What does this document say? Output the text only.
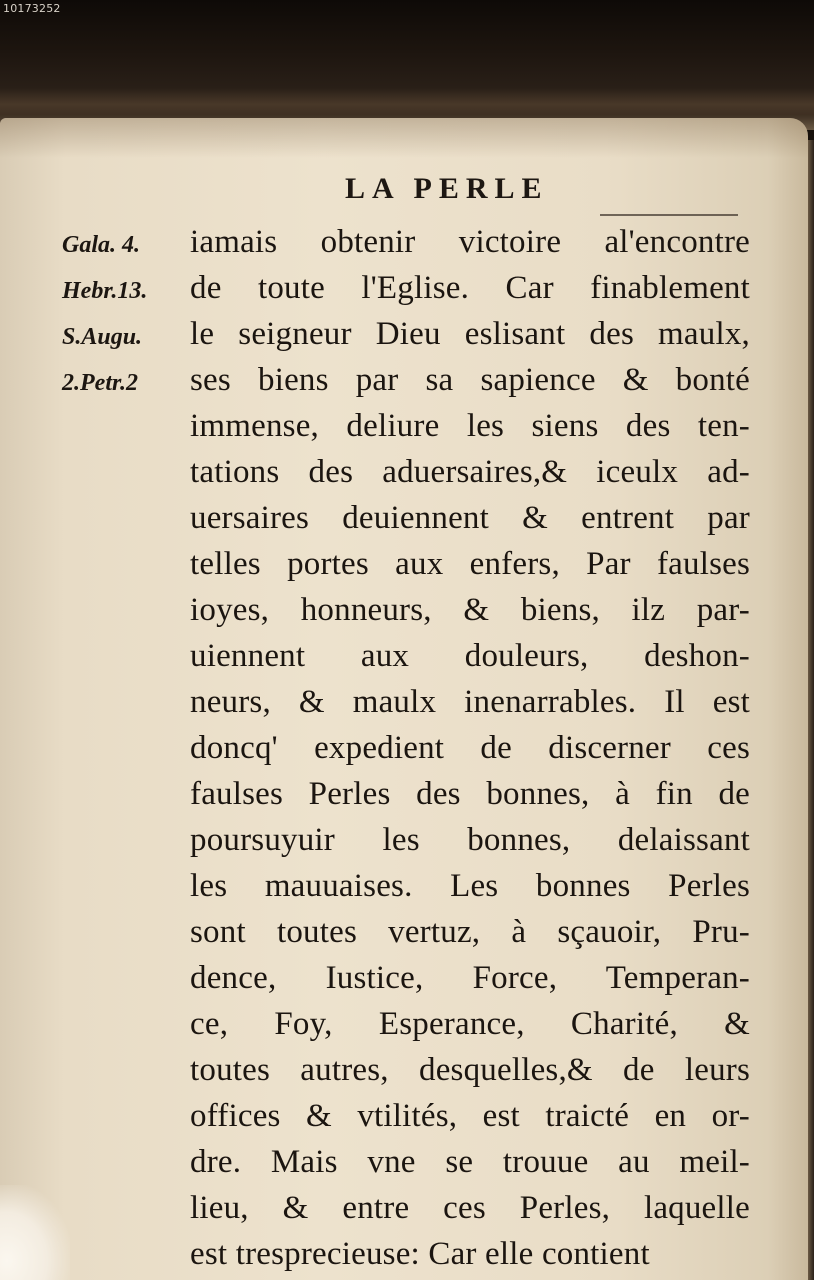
10173252
LA PERLE
Gala. 4.
Hebr.13.
S.Augu.
2.Petr.2
iamais obtenir victoire al'encontre
de toute l'Eglise. Car finablement
le seigneur Dieu eslisant des maulx,
ses biens par sa sapience & bonté
immense, deliure les siens des ten-
tations des aduersaires,& iceulx ad-
uersaires deuiennent & entrent par
telles portes aux enfers, Par faulses
ioyes, honneurs, & biens, ilz par-
uiennent aux douleurs, deshon-
neurs, & maulx inenarrables. Il est
doncq' expedient de discerner ces
faulses Perles des bonnes, à fin de
poursuyuir les bonnes, delaissant
les mauuaises. Les bonnes Perles
sont toutes vertuz, à sçauoir, Pru-
dence, Iustice, Force, Temperan-
ce, Foy, Esperance, Charité, &
toutes autres, desquelles,& de leurs
offices & vtilités, est traicté en or-
dre. Mais vne se trouue au meil-
lieu, & entre ces Perles, laquelle
est tresprecieuse: Car elle contient
